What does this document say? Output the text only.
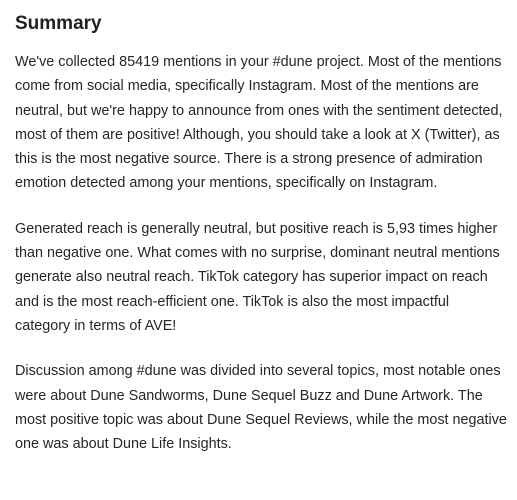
Summary

We've collected 85419 mentions in your #dune project. Most of the mentions come from social media, specifically Instagram. Most of the mentions are neutral, but we're happy to announce from ones with the sentiment detected, most of them are positive! Although, you should take a look at X (Twitter), as this is the most negative source. There is a strong presence of admiration emotion detected among your mentions, specifically on Instagram.

Generated reach is generally neutral, but positive reach is 5,93 times higher than negative one. What comes with no surprise, dominant neutral mentions generate also neutral reach. TikTok category has superior impact on reach and is the most reach-efficient one. TikTok is also the most impactful category in terms of AVE!

Discussion among #dune was divided into several topics, most notable ones were about Dune Sandworms, Dune Sequel Buzz and Dune Artwork. The most positive topic was about Dune Sequel Reviews, while the most negative one was about Dune Life Insights.
